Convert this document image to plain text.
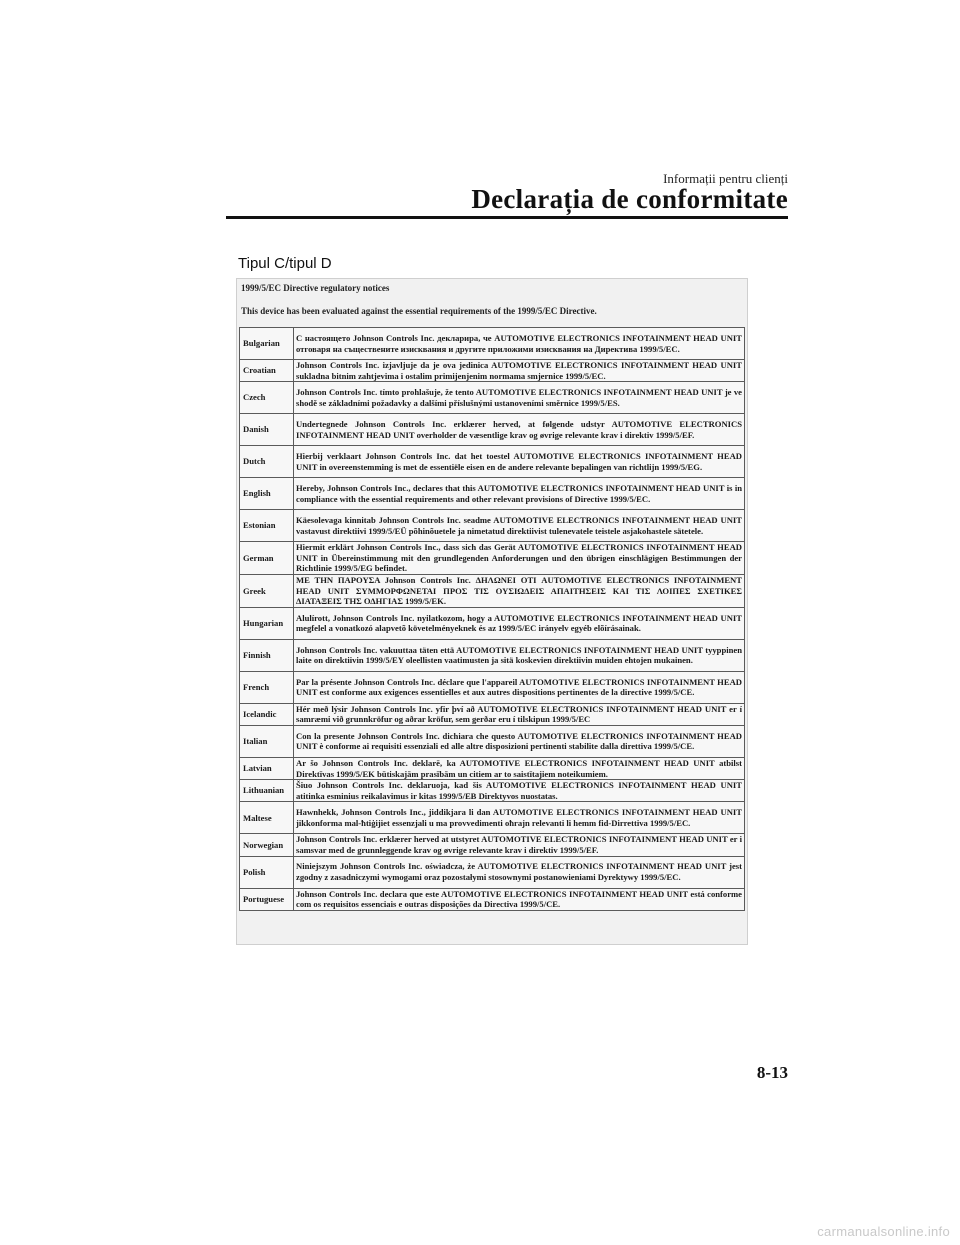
Informații pentru clienți
Declarația de conformitate
Tipul C/tipul D
1999/5/EC Directive regulatory notices
This device has been evaluated against the essential requirements of the 1999/5/EC Directive.
Bulgarian	С настоящето Johnson Controls Inc. декларира, че AUTOMOTIVE ELECTRONICS INFOTAINMENT HEAD UNIT отговаря на съществените изисквания и другите приложими изисквания на Директива 1999/5/EC.
Croatian	Johnson Controls Inc. izjavljuje da je ova jedinica AUTOMOTIVE ELECTRONICS INFOTAINMENT HEAD UNIT sukladna bitnim zahtjevima i ostalim primijenjenim normama smjernice 1999/5/EC.
Czech	Johnson Controls Inc. tímto prohlašuje, že tento AUTOMOTIVE ELECTRONICS INFOTAINMENT HEAD UNIT je ve shodě se základními požadavky a dalšími příslušnými ustanoveními směrnice 1999/5/ES.
Danish	Undertegnede Johnson Controls Inc. erklærer herved, at følgende udstyr AUTOMOTIVE ELECTRONICS INFOTAINMENT HEAD UNIT overholder de væsentlige krav og øvrige relevante krav i direktiv 1999/5/EF.
Dutch	Hierbij verklaart Johnson Controls Inc. dat het toestel AUTOMOTIVE ELECTRONICS INFOTAINMENT HEAD UNIT in overeenstemming is met de essentiële eisen en de andere relevante bepalingen van richtlijn 1999/5/EG.
English	Hereby, Johnson Controls Inc., declares that this AUTOMOTIVE ELECTRONICS INFOTAINMENT HEAD UNIT is in compliance with the essential requirements and other relevant provisions of Directive 1999/5/EC.
Estonian	Käesolevaga kinnitab Johnson Controls Inc. seadme AUTOMOTIVE ELECTRONICS INFOTAINMENT HEAD UNIT vastavust direktiivi 1999/5/EÜ põhinõuetele ja nimetatud direktiivist tulenevatele teistele asjakohastele sätetele.
German	Hiermit erklärt Johnson Controls Inc., dass sich das Gerät AUTOMOTIVE ELECTRONICS INFOTAINMENT HEAD UNIT in Übereinstimmung mit den grundlegenden Anforderungen und den übrigen einschlägigen Bestimmungen der Richtlinie 1999/5/EG befindet.
Greek	ΜΕ ΤΗΝ ΠΑΡΟΥΣΑ Johnson Controls Inc. ΔΗΛΩΝΕΙ ΟΤΙ AUTOMOTIVE ELECTRONICS INFOTAINMENT HEAD UNIT ΣΥΜΜΟΡΦΩΝΕΤΑΙ ΠΡΟΣ ΤΙΣ ΟΥΣΙΩΔΕΙΣ ΑΠΑΙΤΗΣΕΙΣ ΚΑΙ ΤΙΣ ΛΟΙΠΕΣ ΣΧΕΤΙΚΕΣ ΔΙΑΤΑΞΕΙΣ ΤΗΣ ΟΔΗΓΙΑΣ 1999/5/ΕΚ.
Hungarian	Alulírott, Johnson Controls Inc. nyilatkozom, hogy a AUTOMOTIVE ELECTRONICS INFOTAINMENT HEAD UNIT megfelel a vonatkozó alapvetõ követelményeknek és az 1999/5/EC irányelv egyéb elõírásainak.
Finnish	Johnson Controls Inc. vakuuttaa täten että AUTOMOTIVE ELECTRONICS INFOTAINMENT HEAD UNIT tyyppinen laite on direktiivin 1999/5/EY oleellisten vaatimusten ja sitä koskevien direktiivin muiden ehtojen mukainen.
French	Par la présente Johnson Controls Inc. déclare que l'appareil AUTOMOTIVE ELECTRONICS INFOTAINMENT HEAD UNIT est conforme aux exigences essentielles et aux autres dispositions pertinentes de la directive 1999/5/CE.
Icelandic	Hér með lýsir Johnson Controls Inc. yfir því að AUTOMOTIVE ELECTRONICS INFOTAINMENT HEAD UNIT er í samræmi við grunnkröfur og aðrar kröfur, sem gerðar eru í tilskipun 1999/5/EC
Italian	Con la presente Johnson Controls Inc. dichiara che questo AUTOMOTIVE ELECTRONICS INFOTAINMENT HEAD UNIT è conforme ai requisiti essenziali ed alle altre disposizioni pertinenti stabilite dalla direttiva 1999/5/CE.
Latvian	Ar šo Johnson Controls Inc. deklarē, ka AUTOMOTIVE ELECTRONICS INFOTAINMENT HEAD UNIT atbilst Direktīvas 1999/5/EK būtiskajām prasībām un citiem ar to saistītajiem noteikumiem.
Lithuanian	Šiuo Johnson Controls Inc. deklaruoja, kad šis AUTOMOTIVE ELECTRONICS INFOTAINMENT HEAD UNIT atitinka esminius reikalavimus ir kitas 1999/5/EB Direktyvos nuostatas.
Maltese	Hawnhekk, Johnson Controls Inc., jiddikjara li dan AUTOMOTIVE ELECTRONICS INFOTAINMENT HEAD UNIT jikkonforma mal-ħtiġijiet essenzjali u ma provvedimenti oħrajn relevanti li hemm fid-Dirrettiva 1999/5/EC.
Norwegian	Johnson Controls Inc. erklærer herved at utstyret AUTOMOTIVE ELECTRONICS INFOTAINMENT HEAD UNIT er i samsvar med de grunnleggende krav og øvrige relevante krav i direktiv 1999/5/EF.
Polish	Niniejszym Johnson Controls Inc. oświadcza, że AUTOMOTIVE ELECTRONICS INFOTAINMENT HEAD UNIT jest zgodny z zasadniczymi wymogami oraz pozostałymi stosownymi postanowieniami Dyrektywy 1999/5/EC.
Portuguese	Johnson Controls Inc. declara que este AUTOMOTIVE ELECTRONICS INFOTAINMENT HEAD UNIT está conforme com os requisitos essenciais e outras disposições da Directiva 1999/5/CE.
8-13
carmanualsonline.info
